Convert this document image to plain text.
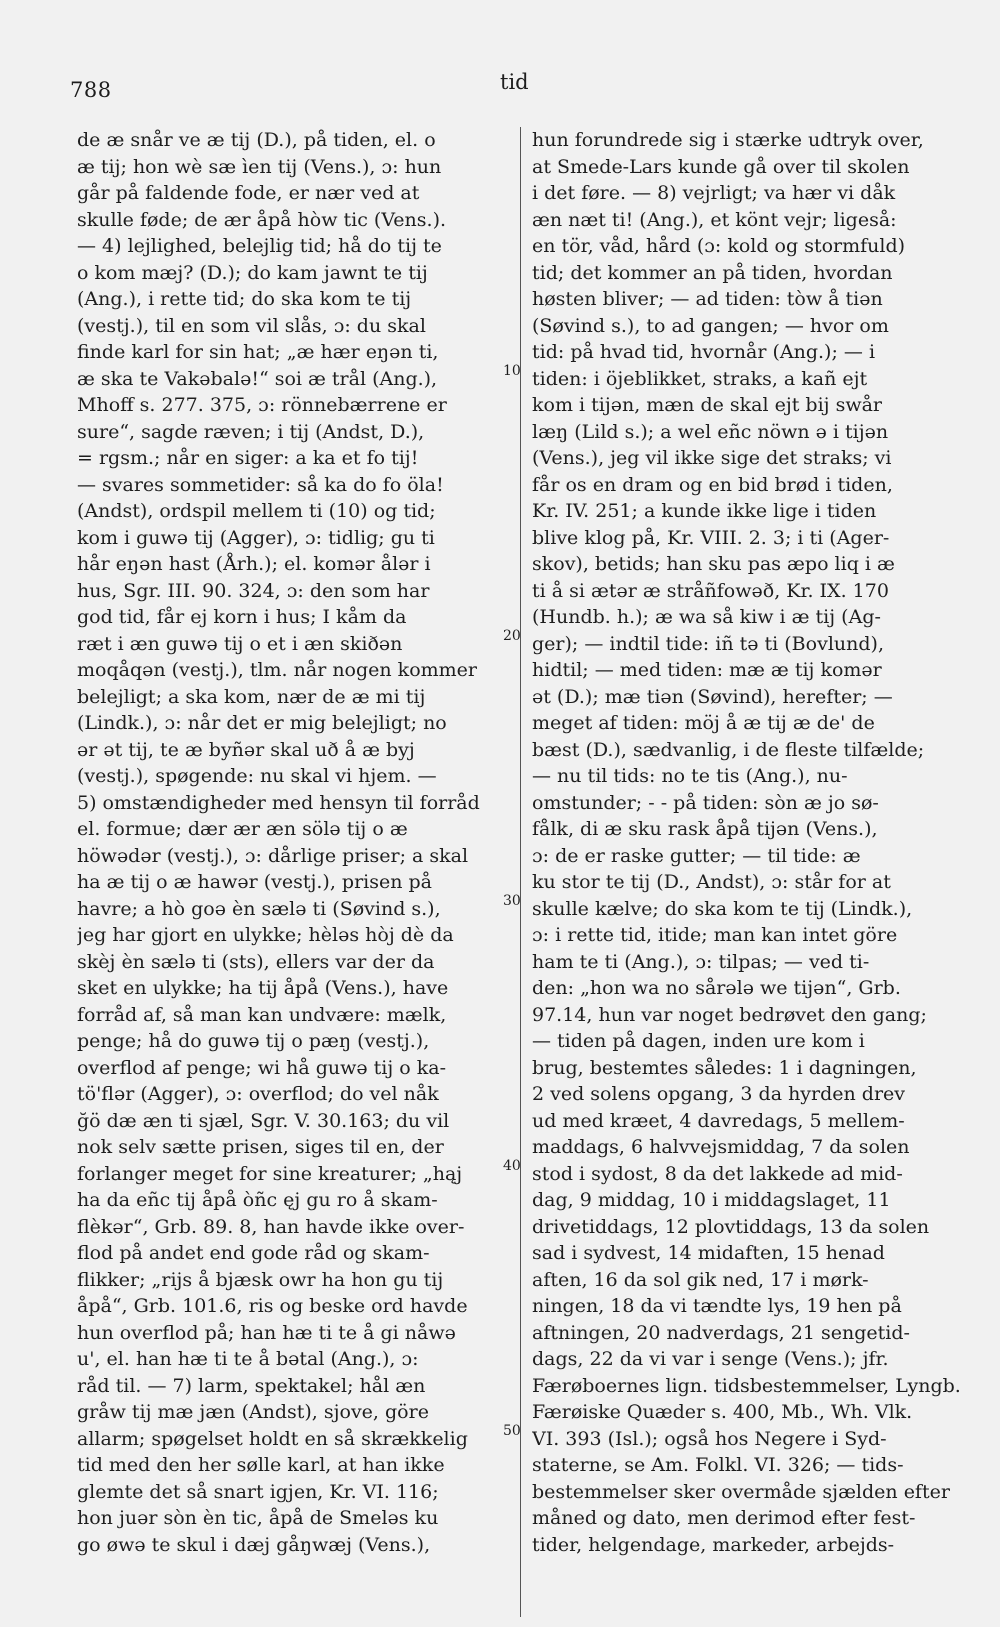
788	tid

de æ snår ve æ tij (D.), på tiden, el. o

æ tij; hon wè sæ ìen tij (Vens.), ɔ: hun

går på faldende fode, er nær ved at

skulle føde; de ær åpå hòw tic (Vens.).

— 4) lejlighed, belejlig tid; hå do tij te

o kom mæj? (D.); do kam jawnt te tij

(Ang.), i rette tid; do ska kom te tij

(vestj.), til en som vil slås, ɔ: du skal

finde karl for sin hat; „æ hær eŋən ti,

æ ska te Vakəbalə!“ soi æ trål (Ang.),

Mhoff s. 277. 375, ɔ: rönnebærrene er

sure“, sagde ræven; i tij (Andst, D.),

= rgsm.; når en siger: a ka et fo tij!

— svares sommetider: så ka do fo öla!

(Andst), ordspil mellem ti (10) og tid;

kom i guwə tij (Agger), ɔ: tidlig; gu ti

hår eŋən hast (Årh.); el. komər ålər i

hus, Sgr. III. 90. 324, ɔ: den som har

god tid, får ej korn i hus; I kåm da

ræt i æn guwə tij o et i æn skiðən

moqåqən (vestj.), tlm. når nogen kommer

belejligt; a ska kom, nær de æ mi tij

(Lindk.), ɔ: når det er mig belejligt; no

ər ət tij, te æ byñər skal uð å æ byj

(vestj.), spøgende: nu skal vi hjem. —

5) omstændigheder med hensyn til forråd

el. formue; dær ær æn sölə tij o æ

höwədər (vestj.), ɔ: dårlige priser; a skal

ha æ tij o æ hawər (vestj.), prisen på

havre; a hò goə èn sælə ti (Søvind s.),

jeg har gjort en ulykke; hèləs hòj dè da

skèj èn sælə ti (sts), ellers var der da

sket en ulykke; ha tij åpå (Vens.), have

forråd af, så man kan undvære: mælk,

penge; hå do guwə tij o pæŋ (vestj.),

overflod af penge; wi hå guwə tij o ka-

tö'flər (Agger), ɔ: overflod; do vel nåk

ğö dæ æn ti sjæl, Sgr. V. 30.163; du vil

nok selv sætte prisen, siges til en, der

forlanger meget for sine kreaturer; „hąj

ha da eñc tij åpå òñc ęj gu ro å skam-

flèkər“, Grb. 89. 8, han havde ikke over-

flod på andet end gode råd og skam-

flikker; „rijs å bjæsk owr ha hon gu tij

åpå“, Grb. 101.6, ris og beske ord havde

hun overflod på; han hæ ti te å gi nåwə

u', el. han hæ ti te å bətal (Ang.), ɔ:

råd til. — 7) larm, spektakel; hål æn

gråw tij mæ jæn (Andst), sjove, göre

allarm; spøgelset holdt en så skrækkelig

tid med den her sølle karl, at han ikke

glemte det så snart igjen, Kr. VI. 116;

hon juər sòn èn tic, åpå de Smeləs ku

go øwə te skul i dæj gåŋwæj (Vens.),

hun forundrede sig i stærke udtryk over,

at Smede-Lars kunde gå over til skolen

i det føre. — 8) vejrligt; va hær vi dåk

æn næt ti! (Ang.), et könt vejr; ligeså:

en tör, våd, hård (ɔ: kold og stormfuld)

tid; det kommer an på tiden, hvordan

høsten bliver; — ad tiden: tòw å tiən

(Søvind s.), to ad gangen; — hvor om

tid: på hvad tid, hvornår (Ang.); — i

tiden: i öjeblikket, straks, a kañ ejt

kom i tijən, mæn de skal ejt bij swår

læŋ (Lild s.); a wel eñc nöwn ə i tijən

(Vens.), jeg vil ikke sige det straks; vi

får os en dram og en bid brød i tiden,

Kr. IV. 251; a kunde ikke lige i tiden

blive klog på, Kr. VIII. 2. 3; i ti (Ager-

skov), betids; han sku pas æpo liq i æ

ti å si ætər æ stråñfowəð, Kr. IX. 170

(Hundb. h.); æ wa så kiw i æ tij (Ag-

ger); — indtil tide: iñ tə ti (Bovlund),

hidtil; — med tiden: mæ æ tij komər

ət (D.); mæ tiən (Søvind), herefter; —

meget af tiden: möj å æ tij æ de' de

bæst (D.), sædvanlig, i de fleste tilfælde;

— nu til tids: no te tis (Ang.), nu-

omstunder; - - på tiden: sòn æ jo sø-

fålk, di æ sku rask åpå tijən (Vens.),

ɔ: de er raske gutter; — til tide: æ

ku stor te tij (D., Andst), ɔ: står for at

skulle kælve; do ska kom te tij (Lindk.),

ɔ: i rette tid, itide; man kan intet göre

ham te ti (Ang.), ɔ: tilpas; — ved ti-

den: „hon wa no sårələ we tijən“, Grb.

97.14, hun var noget bedrøvet den gang;

— tiden på dagen, inden ure kom i

brug, bestemtes således: 1 i dagningen,

2 ved solens opgang, 3 da hyrden drev

ud med kræet, 4 davredags, 5 mellem-

maddags, 6 halvvejsmiddag, 7 da solen

stod i sydost, 8 da det lakkede ad mid-

dag, 9 middag, 10 i middagslaget, 11

drivetiddags, 12 plovtiddags, 13 da solen

sad i sydvest, 14 midaften, 15 henad

aften, 16 da sol gik ned, 17 i mørk-

ningen, 18 da vi tændte lys, 19 hen på

aftningen, 20 nadverdags, 21 sengetid-

dags, 22 da vi var i senge (Vens.); jfr.

Færøboernes lign. tidsbestemmelser, Lyngb.

Færøiske Quæder s. 400, Mb., Wh. Vlk.

VI. 393 (Isl.); også hos Negere i Syd-

staterne, se Am. Folkl. VI. 326; — tids-

bestemmelser sker overmåde sjælden efter

måned og dato, men derimod efter fest-

tider, helgendage, markeder, arbejds-

10
20
30
40
50
